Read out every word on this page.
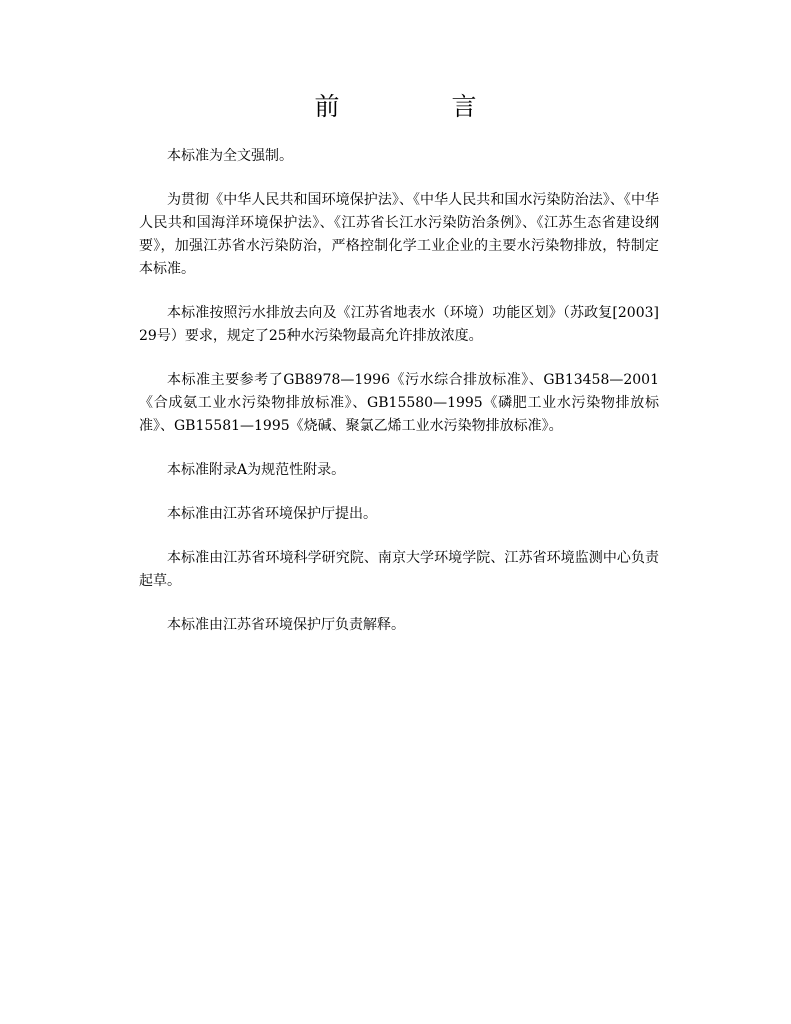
前 言

本标准为全文强制。

为贯彻《中华人民共和国环境保护法》、《中华人民共和国水污染防治法》、《中华人民共和国海洋环境保护法》、《江苏省长江水污染防治条例》、《江苏生态省建设纲要》，加强江苏省水污染防治，严格控制化学工业企业的主要水污染物排放，特制定本标准。

本标准按照污水排放去向及《江苏省地表水（环境）功能区划》（苏政复[2003]29号）要求，规定了25种水污染物最高允许排放浓度。

本标准主要参考了GB8978—1996《污水综合排放标准》、GB13458—2001《合成氨工业水污染物排放标准》、GB15580—1995《磷肥工业水污染物排放标准》、GB15581—1995《烧碱、聚氯乙烯工业水污染物排放标准》。

本标准附录A为规范性附录。

本标准由江苏省环境保护厅提出。

本标准由江苏省环境科学研究院、南京大学环境学院、江苏省环境监测中心负责起草。

本标准由江苏省环境保护厅负责解释。
